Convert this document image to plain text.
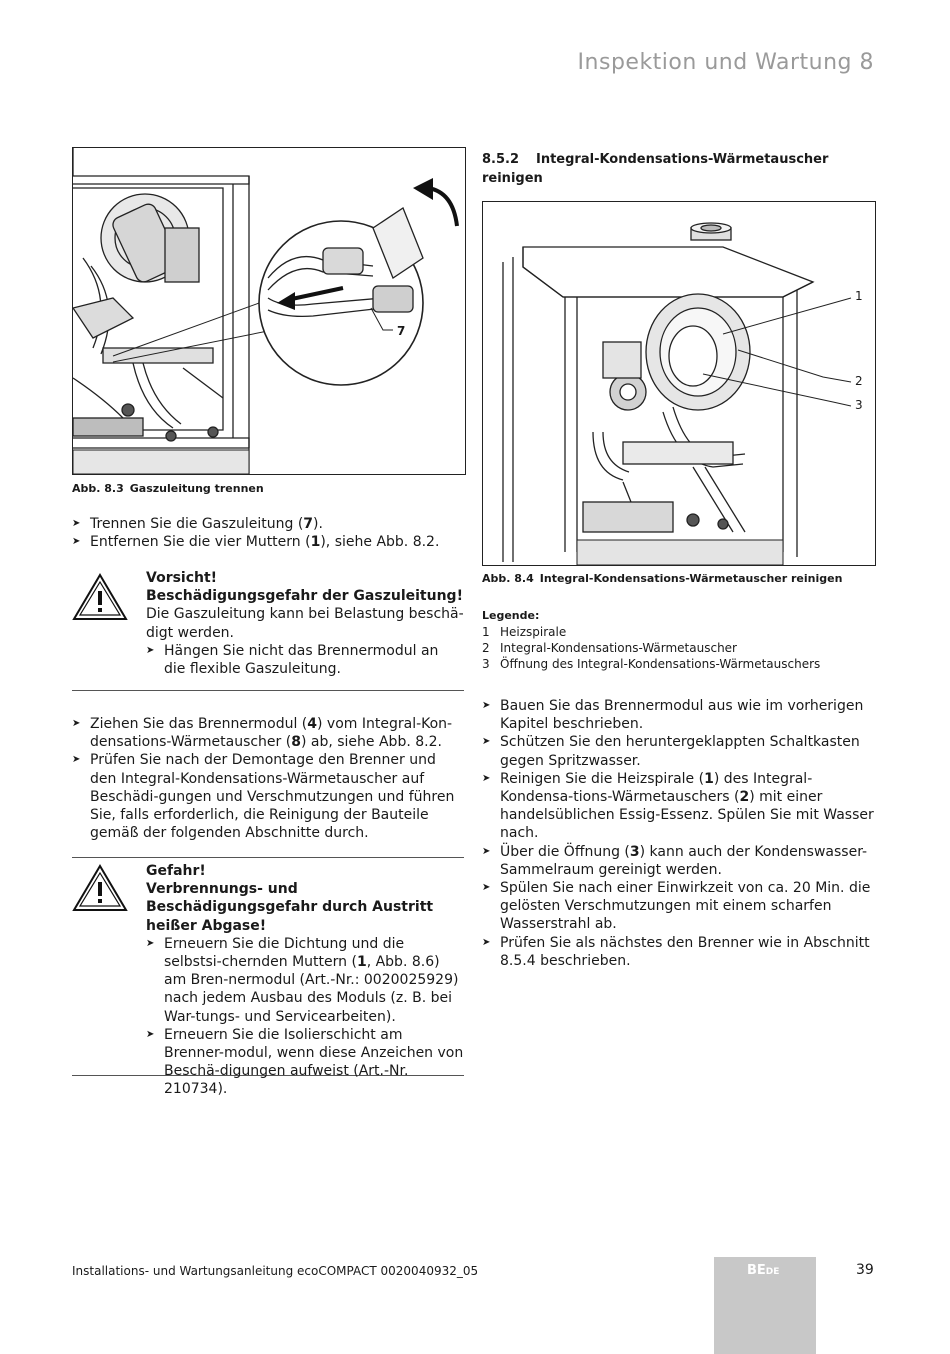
Inspektion und Wartung 8
7
Abb. 8.3 Gaszuleitung trennen
➤ Trennen Sie die Gaszuleitung (7).
➤ Entfernen Sie die vier Muttern (1), siehe Abb. 8.2.
Vorsicht!
Beschädigungsgefahr der Gaszuleitung!
Die Gaszuleitung kann bei Belastung beschä-
digt werden.
➤ Hängen Sie nicht das Brennermodul an die flexible Gaszuleitung.
➤ Ziehen Sie das Brennermodul (4) vom Integral-Kon-densations-Wärmetauscher (8) ab, siehe Abb. 8.2.
➤ Prüfen Sie nach der Demontage den Brenner und den Integral-Kondensations-Wärmetauscher auf Beschädi-gungen und Verschmutzungen und führen Sie, falls erforderlich, die Reinigung der Bauteile gemäß der folgenden Abschnitte durch.
Gefahr!
Verbrennungs- und Beschädigungsgefahr durch Austritt heißer Abgase!
➤ Erneuern Sie die Dichtung und die selbstsi-chernden Muttern (1, Abb. 8.6) am Bren-nermodul (Art.-Nr.: 0020025929) nach jedem Ausbau des Moduls (z. B. bei War-tungs- und Servicearbeiten).
➤ Erneuern Sie die Isolierschicht am Brenner-modul, wenn diese Anzeichen von Beschä-digungen aufweist (Art.-Nr. 210734).
8.5.2 Integral-Kondensations-Wärmetauscher reinigen
1
2
3
Abb. 8.4 Integral-Kondensations-Wärmetauscher reinigen
Legende:
1 Heizspirale
2 Integral-Kondensations-Wärmetauscher
3 Öffnung des Integral-Kondensations-Wärmetauschers
➤ Bauen Sie das Brennermodul aus wie im vorherigen Kapitel beschrieben.
➤ Schützen Sie den heruntergeklappten Schaltkasten gegen Spritzwasser.
➤ Reinigen Sie die Heizspirale (1) des Integral-Kondensa-tions-Wärmetauschers (2) mit einer handelsüblichen Essig-Essenz. Spülen Sie mit Wasser nach.
➤ Über die Öffnung (3) kann auch der Kondenswasser-Sammelraum gereinigt werden.
➤ Spülen Sie nach einer Einwirkzeit von ca. 20 Min. die gelösten Verschmutzungen mit einem scharfen Wasserstrahl ab.
➤ Prüfen Sie als nächstes den Brenner wie in Abschnitt 8.5.4 beschrieben.
Installations- und Wartungsanleitung ecoCOMPACT 0020040932_05	BEDE	39
